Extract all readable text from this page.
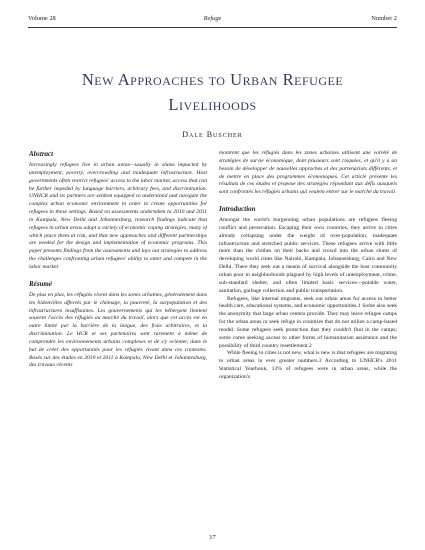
Volume 28	Refuge	Number 2
New Approaches to Urban Refugee Livelihoods
Dale Buscher
Abstract

Increasingly refugees live in urban areas—usually in slums impacted by unemployment, poverty, overcrowding and inadequate infrastructure. Host governments often restrict refugees' access to the labor market, access that can be further impeded by language barriers, arbitrary fees, and discrimination. UNHCR and its partners are seldom equipped to understand and navigate the complex urban economic environment in order to create opportunities for refugees in these settings. Based on assessments undertaken in 2010 and 2011 in Kampala, New Delhi and Johannesburg, research findings indicate that refugees in urban areas adopt a variety of economic coping strategies, many of which place them at risk, and that new approaches and different partnerships are needed for the design and implementation of economic programs. This paper presents findings from the assessments and lays out strategies to address the challenges confronting urban refugees' ability to enter and compete in the labor market.

Résumé

De plus en plus, les réfugiés vivent dans les zones urbaines, généralement dans les bidonvilles affectés par le chômage, la pauvreté, la surpopulation et des infrastructures insuffisantes. Les gouvernements qui les hébergent limitent souvent l'accès des réfugiés au marché du travail, alors que cet accès est en outre limité par la barrière de la langue, des frais arbitraires, et la discrimination. Le HCR et ses partenaires sont rarement à même de comprendre les environnements urbains complexes et de s'y orienter, dans le but de créer des opportunités pour les réfugiés vivant dans ces contextes. Basés sur des études en 2010 et 2011 à Kampala, New Delhi et Johannesburg, des travaux récents

montrent que les réfugiés dans les zones urbaines utilisent une variété de stratégies de survie économique, dont plusieurs sont risquées, et qu'il y a un besoin de développer de nouvelles approches et des partenariats différents, et de mettre en place des programmes économiques. Cet article présente les résultats de ces études et propose des stratégies répondant aux défis auxquels sont confrontés les réfugiés urbains qui veulent entrer sur le marché du travail.

Introduction

Amongst the world's burgeoning urban populations are refugees fleeing conflict and persecution. Escaping their own countries, they arrive in cities already collapsing under the weight of over-population, inadequate infrastructure and stretched public services. These refugees arrive with little more than the clothes on their backs and crowd into the urban slums of developing world cities like Nairobi, Kampala, Johannesburg, Cairo and New Delhi. There they seek out a means of survival alongside the host community urban poor in neighborhoods plagued by high levels of unemployment, crime, sub-standard shelter, and often limited basic services—potable water, sanitation, garbage collection and public transportation.

Refugees, like internal migrants, seek out urban areas for access to better health care, educational systems, and economic opportunities.1 Some also seek the anonymity that large urban centers provide. They may leave refugee camps for the urban areas or seek refuge in countries that do not utilize a camp-based model. Some refugees seek protection that they couldn't find in the camps; some come seeking access to other forms of humanitarian assistance and the possibility of third country resettlement.2

While fleeing to cities is not new, what is new is that refugees are migrating to urban areas in ever greater numbers.3 According to UNHCR's 2011 Statistical Yearbook, 13% of refugees were in urban areas, while the organization's

17
